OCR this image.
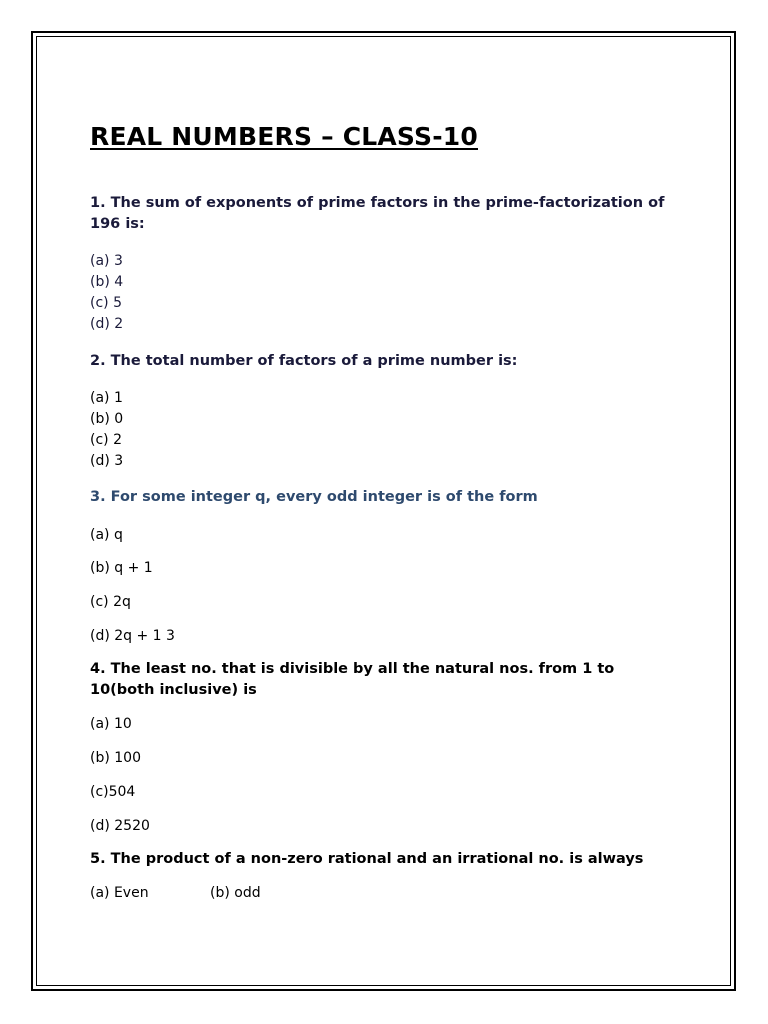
REAL NUMBERS – CLASS-10

1. The sum of exponents of prime factors in the prime-factorization of 196 is:

(a) 3

(b) 4

(c) 5

(d) 2

2. The total number of factors of a prime number is:

(a) 1

(b) 0

(c) 2

(d) 3

3. For some integer q, every odd integer is of the form

(a) q

(b) q + 1

(c) 2q

(d) 2q + 1 3

4. The least no. that is divisible by all the natural nos. from 1 to 10(both inclusive) is

(a) 10

(b) 100

(c)504

(d) 2520

5. The product of a non-zero rational and an irrational no. is always

(a) Even	(b) odd
